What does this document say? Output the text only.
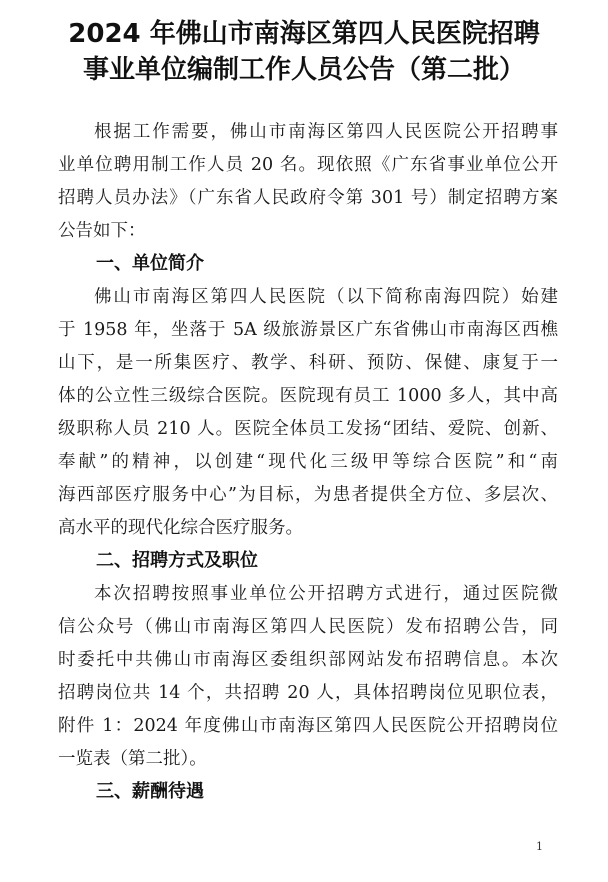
2024 年佛山市南海区第四人民医院招聘
事业单位编制工作人员公告（第二批）
根据工作需要，佛山市南海区第四人民医院公开招聘事
业单位聘用制工作人员 20 名。现依照《广东省事业单位公开
招聘人员办法》（广东省人民政府令第 301 号）制定招聘方案
公告如下：
一、单位简介
佛山市南海区第四人民医院（以下简称南海四院）始建
于 1958 年，坐落于 5A 级旅游景区广东省佛山市南海区西樵
山下，是一所集医疗、教学、科研、预防、保健、康复于一
体的公立性三级综合医院。医院现有员工 1000 多人，其中高
级职称人员 210 人。医院全体员工发扬“团结、爱院、创新、
奉献”的精神，以创建“现代化三级甲等综合医院”和“南
海西部医疗服务中心”为目标，为患者提供全方位、多层次、
高水平的现代化综合医疗服务。
二、招聘方式及职位
本次招聘按照事业单位公开招聘方式进行，通过医院微
信公众号（佛山市南海区第四人民医院）发布招聘公告，同
时委托中共佛山市南海区委组织部网站发布招聘信息。本次
招聘岗位共 14 个，共招聘 20 人，具体招聘岗位见职位表，
附件 1：2024 年度佛山市南海区第四人民医院公开招聘岗位
一览表（第二批）。
三、薪酬待遇
1
